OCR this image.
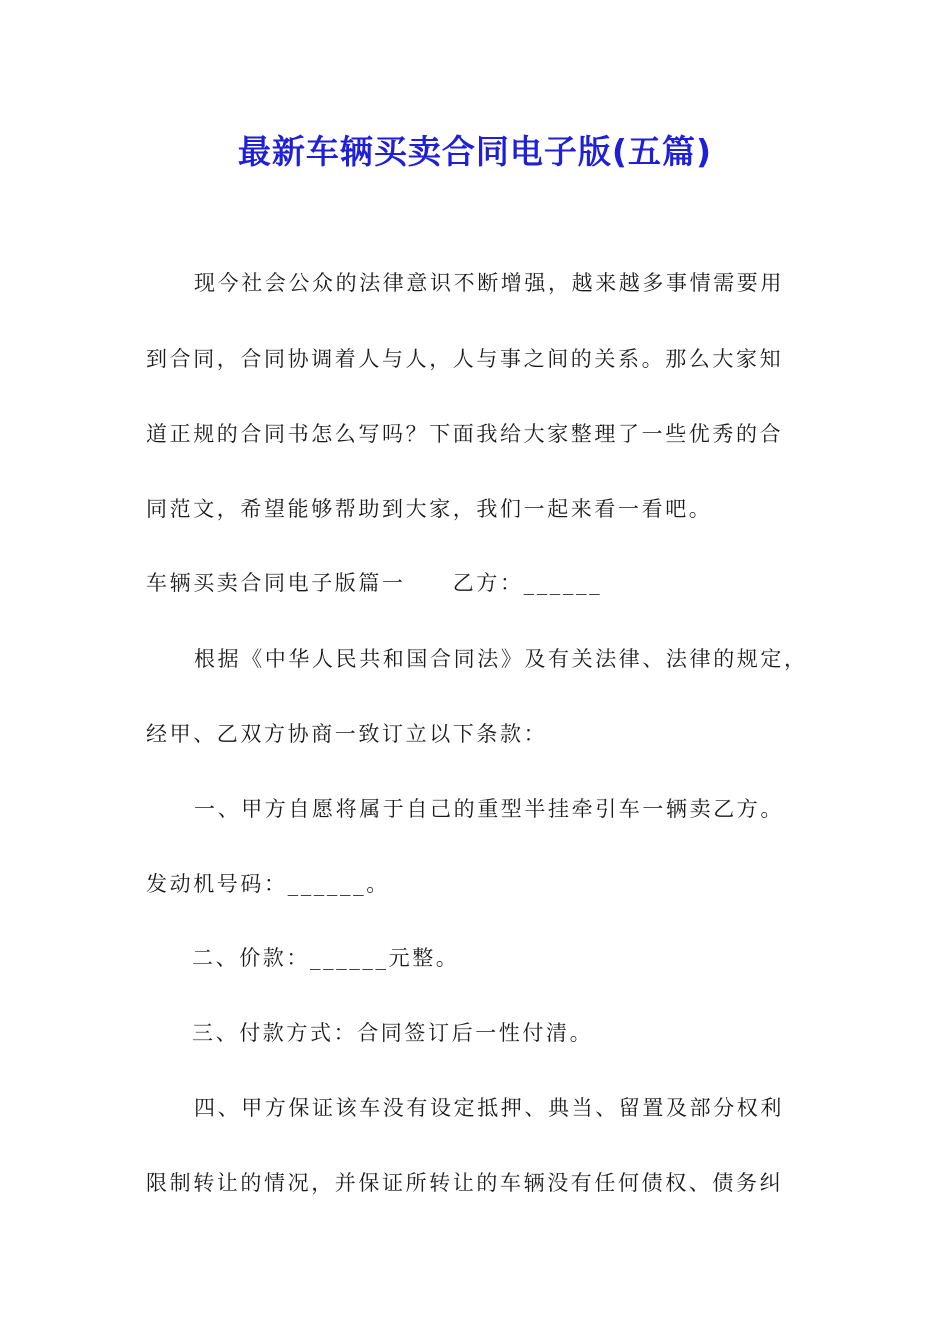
最新车辆买卖合同电子版(五篇)
现今社会公众的法律意识不断增强，越来越多事情需要用
到合同，合同协调着人与人，人与事之间的关系。那么大家知
道正规的合同书怎么写吗？下面我给大家整理了一些优秀的合
同范文，希望能够帮助到大家，我们一起来看一看吧。
车辆买卖合同电子版篇一　　乙方：______
根据《中华人民共和国合同法》及有关法律、法律的规定，
经甲、乙双方协商一致订立以下条款：
一、甲方自愿将属于自己的重型半挂牵引车一辆卖乙方。
发动机号码：______。
二、价款：______元整。
三、付款方式：合同签订后一性付清。
四、甲方保证该车没有设定抵押、典当、留置及部分权利
限制转让的情况，并保证所转让的车辆没有任何债权、债务纠
